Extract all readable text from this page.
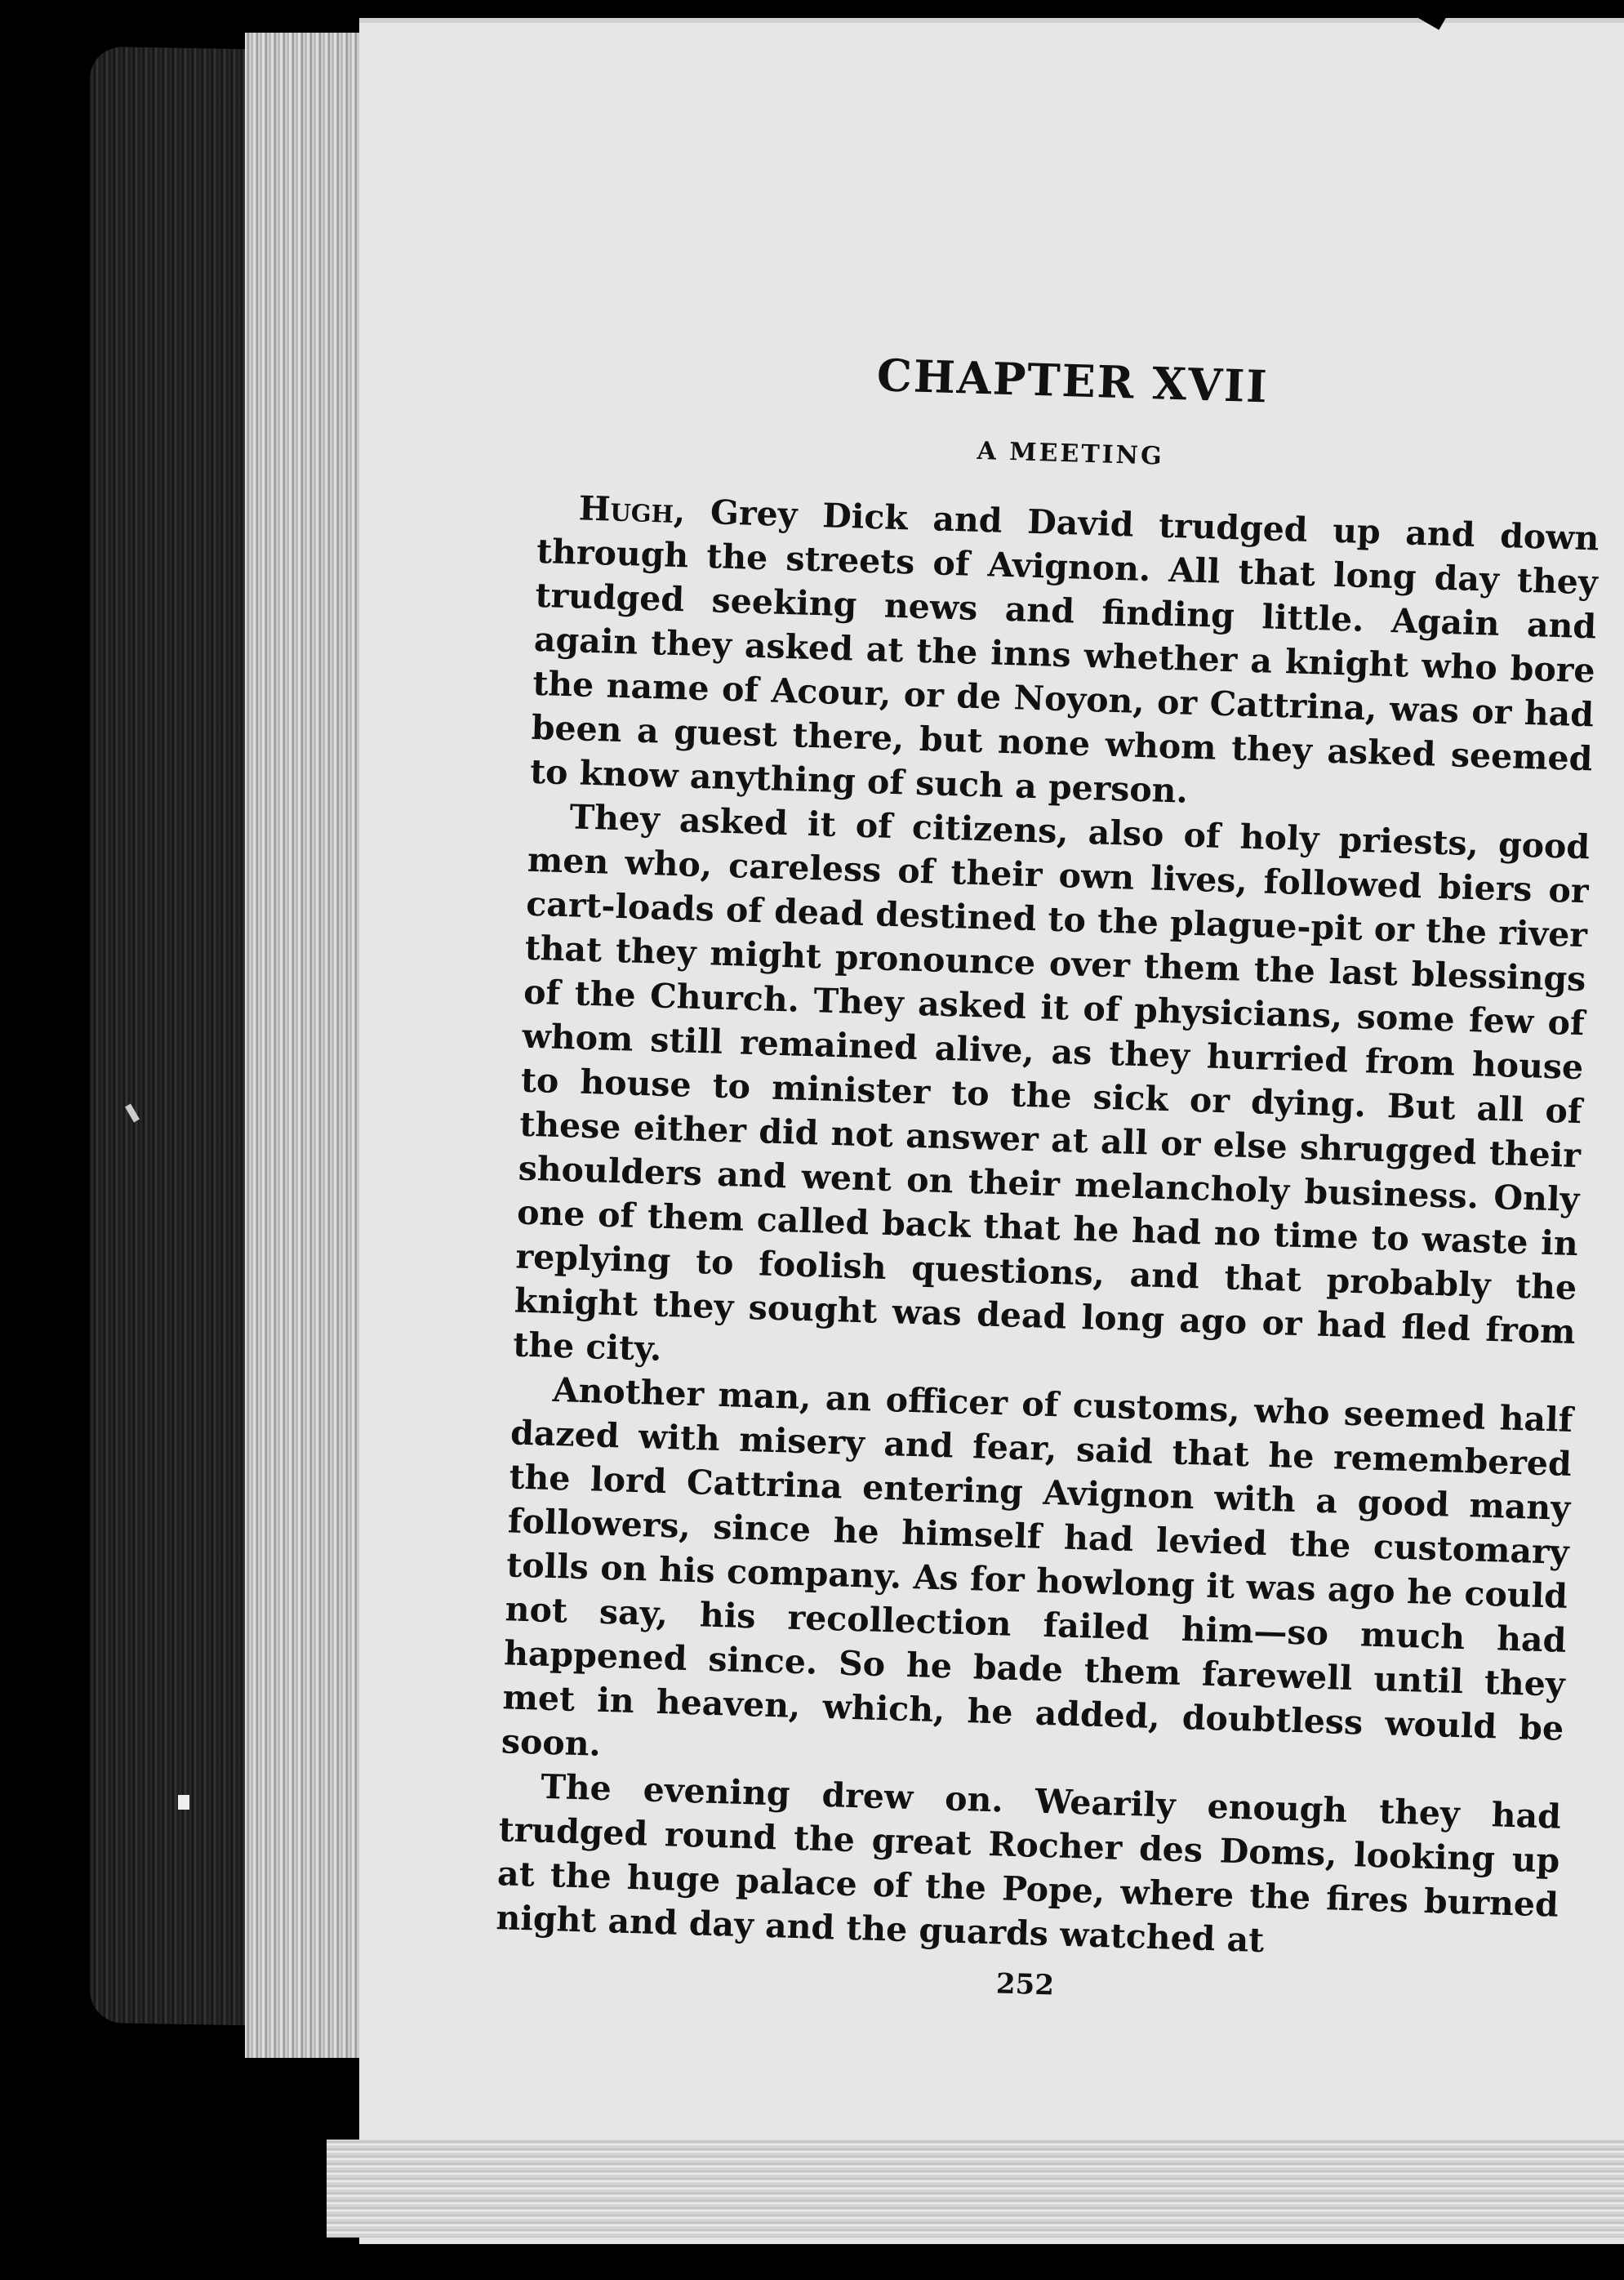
CHAPTER XVII
A MEETING

Hugh, Grey Dick and David trudged up and down through the streets of Avignon. All that long day they trudged seeking news and finding little. Again and again they asked at the inns whether a knight who bore the name of Acour, or de Noyon, or Cattrina, was or had been a guest there, but none whom they asked seemed to know anything of such a person.

They asked it of citizens, also of holy priests, good men who, careless of their own lives, followed biers or cart-loads of dead destined to the plague-pit or the river that they might pronounce over them the last blessings of the Church. They asked it of physicians, some few of whom still remained alive, as they hurried from house to house to minister to the sick or dying. But all of these either did not answer at all or else shrugged their shoulders and went on their melancholy business. Only one of them called back that he had no time to waste in replying to foolish questions, and that probably the knight they sought was dead long ago or had fled from the city.

Another man, an officer of customs, who seemed half dazed with misery and fear, said that he remembered the lord Cattrina entering Avignon with a good many followers, since he himself had levied the customary tolls on his company. As for howlong it was ago he could not say, his recollection failed him—so much had happened since. So he bade them farewell until they met in heaven, which, he added, doubtless would be soon.

The evening drew on. Wearily enough they had trudged round the great Rocher des Doms, looking up at the huge palace of the Pope, where the fires burned night and day and the guards watched at

252
